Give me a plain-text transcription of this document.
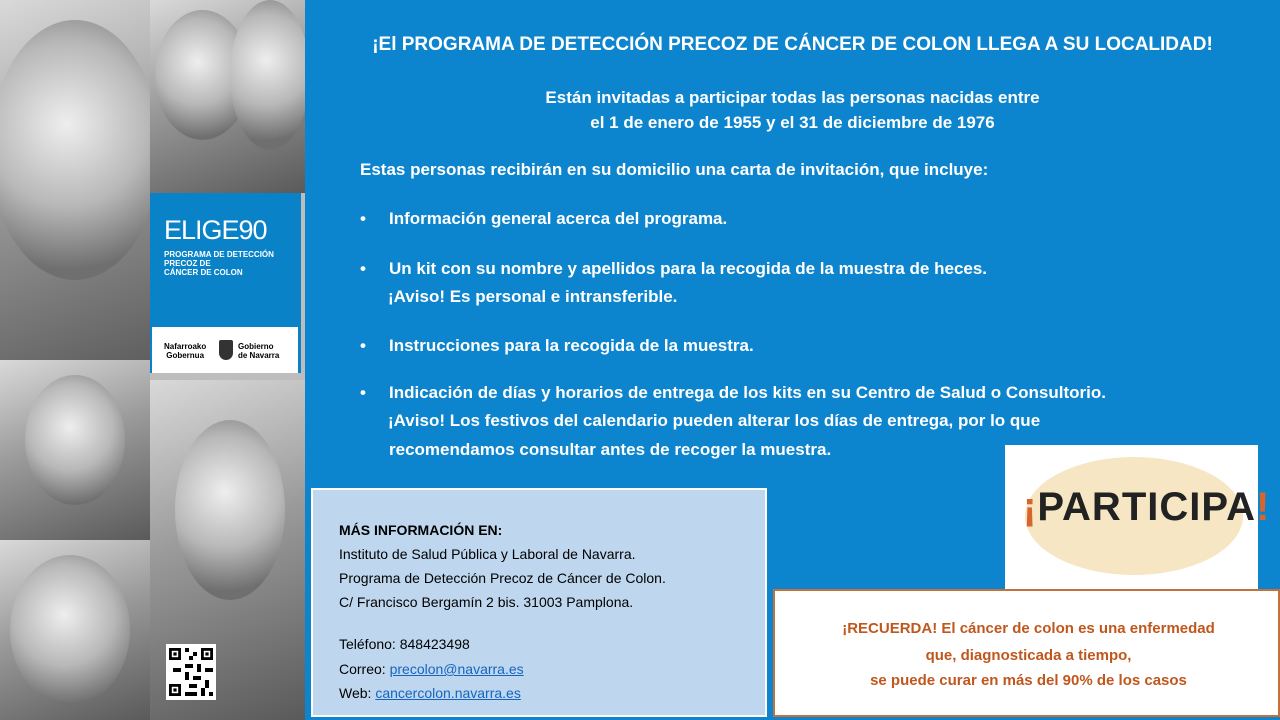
ELIGE90
PROGRAMA DE DETECCIÓN
PRECOZ DE
CÁNCER DE COLON
Nafarroako
Gobernua
Gobierno
de Navarra
¡El PROGRAMA DE DETECCIÓN PRECOZ DE CÁNCER DE COLON LLEGA A SU LOCALIDAD!
Están invitadas a participar todas las personas nacidas entre
el 1 de enero de 1955 y el 31 de diciembre de 1976
Estas personas recibirán en su domicilio una carta de invitación, que incluye:
• Información general acerca del programa.
• Un kit con su nombre y apellidos para la recogida de la muestra de heces.
¡Aviso! Es personal e intransferible.
• Instrucciones para la recogida de la muestra.
• Indicación de días y horarios de entrega de los kits en su Centro de Salud o Consultorio.
¡Aviso! Los festivos del calendario pueden alterar los días de entrega, por lo que
recomendamos consultar antes de recoger la muestra.

MÁS INFORMACIÓN EN:

Instituto de Salud Pública y Laboral de Navarra.

Programa de Detección Precoz de Cáncer de Colon.

C/ Francisco Bergamín 2 bis. 31003 Pamplona.

Teléfono: 848423498

Correo: precolon@navarra.es

Web: cancercolon.navarra.es

¡PARTICIPA!
¡RECUERDA! El cáncer de colon es una enfermedad
que, diagnosticada a tiempo,
se puede curar en más del 90% de los casos
